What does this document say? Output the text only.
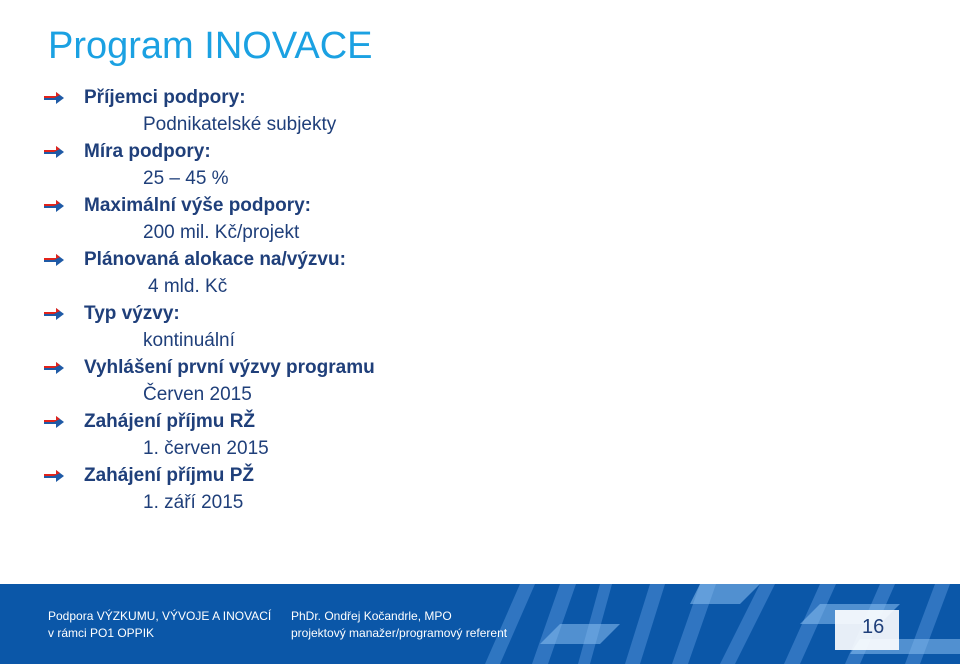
Program INOVACE
Příjemci podpory:
Podnikatelské subjekty
Míra podpory:
25 – 45 %
Maximální výše podpory:
200 mil. Kč/projekt
Plánovaná alokace na/výzvu:
4 mld. Kč
Typ výzvy:
kontinuální
Vyhlášení první výzvy programu
Červen 2015
Zahájení příjmu RŽ
1. červen 2015
Zahájení příjmu PŽ
1. září 2015
Podpora VÝZKUMU, VÝVOJE A INOVACÍ
v rámci PO1 OPPIK
PhDr. Ondřej Kočandrle, MPO
projektový manažer/programový referent	16
